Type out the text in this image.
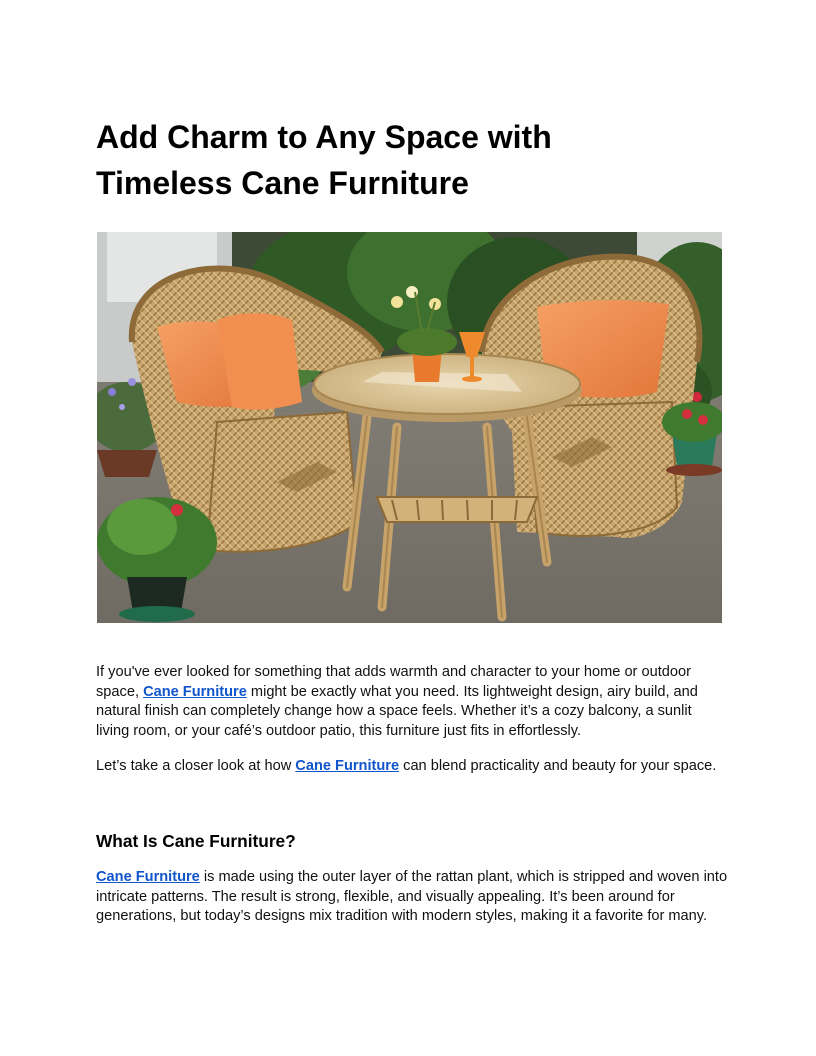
Add Charm to Any Space with
Timeless Cane Furniture

If you've ever looked for something that adds warmth and character to your home or outdoor space, Cane Furniture might be exactly what you need. Its lightweight design, airy build, and natural finish can completely change how a space feels. Whether it’s a cozy balcony, a sunlit living room, or your café’s outdoor patio, this furniture just fits in effortlessly.

Let’s take a closer look at how Cane Furniture can blend practicality and beauty for your space.

What Is Cane Furniture?

Cane Furniture is made using the outer layer of the rattan plant, which is stripped and woven into intricate patterns. The result is strong, flexible, and visually appealing. It’s been around for generations, but today’s designs mix tradition with modern styles, making it a favorite for many.
